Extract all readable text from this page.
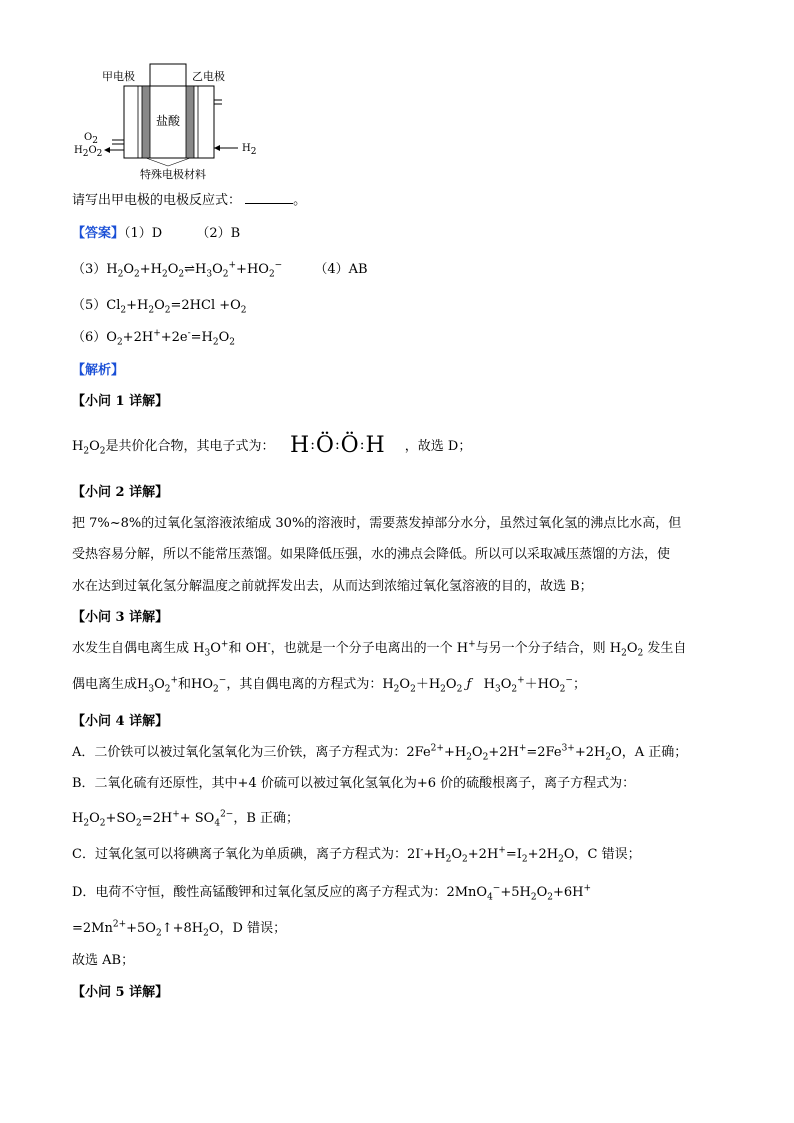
甲电极	乙电极
盐酸
$O_2$
$H_2O_2$	$H_2$
特殊电极材料
请写出甲电极的电极反应式：	。
【答案】（1）D	（2）B
$(3)H_2O_2+H_2O_2\rightleftharpoons H_3O_2^++HO_2^-$ （4）AB
$(5)Cl_2+H_2O_2=2HCl +O_2$
$(6)O_2+2H^++2e^-=H_2O_2$
【解析】
【小问 1 详解】
$H_2O_2$是共价化合物，其电子式为：	，故选 D；
H:Ö:Ö:H
【小问 2 详解】
把 7%~8%的过氧化氢溶液浓缩成 30%的溶液时，需要蒸发掉部分水分，虽然过氧化氢的沸点比水高，但
受热容易分解，所以不能常压蒸馏。如果降低压强，水的沸点会降低。所以可以采取减压蒸馏的方法，使
水在达到过氧化氢分解温度之前就挥发出去，从而达到浓缩过氧化氢溶液的目的，故选 B；
【小问 3 详解】
水发生自偶电离生成 $H_3O^+$和 OH-，也就是一个分子电离出的一个 H+与另一个分子结合，则 $H_2O_2$ 发生自
偶电离生成$H_3O_2^+$和$HO_2^-$，其自偶电离的方程式为：$H_2O_2+H_2O_2$ ƒ   $H_3O_2^++HO_2^-$；
【小问 4 详解】
A．二价铁可以被过氧化氢氧化为三价铁，离子方程式为：$2Fe^{2+}+H_2O_2+2H^+=2Fe^{3+}+2H_2O$，A 正确；
B．二氧化硫有还原性，其中+4 价硫可以被过氧化氢氧化为+6 价的硫酸根离子，离子方程式为：
$H_2O_2+SO_2=2H^++ SO_4^{2-}$，B 正确；
C．过氧化氢可以将碘离子氧化为单质碘，离子方程式为：$2I^-+H_2O_2+2H^+=I_2+2H_2O$，C 错误；
D．电荷不守恒，酸性高锰酸钾和过氧化氢反应的离子方程式为：$2MnO_4^-+5H_2O_2+6H^+$
$=2Mn^{2+}+5O_2↑+8H_2O$，D 错误；
故选 AB；
【小问 5 详解】
